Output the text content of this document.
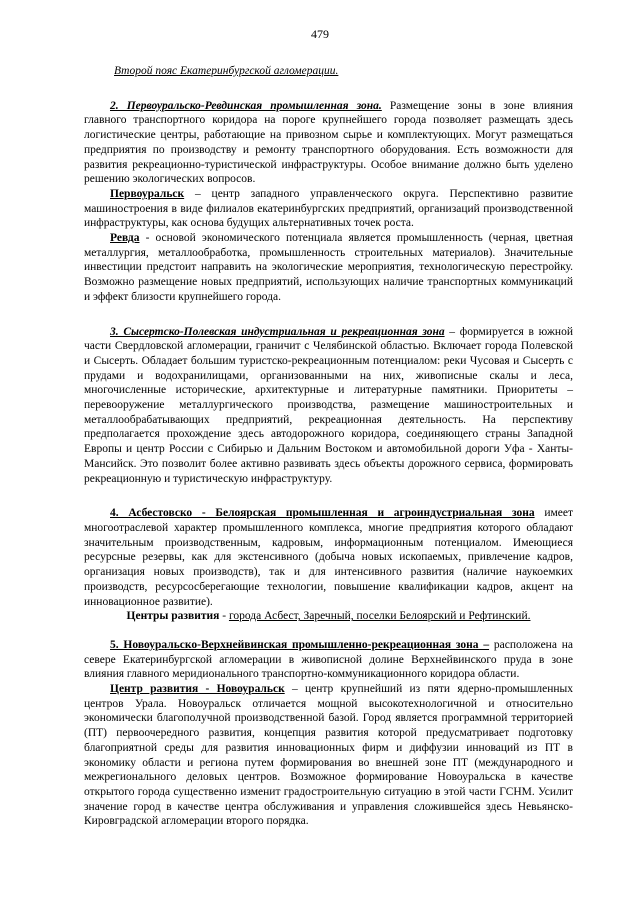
479

Второй пояс Екатеринбургской агломерации.

2. Первоуральско-Ревдинская промышленная зона. Размещение зоны в зоне влияния главного транспортного коридора на пороге крупнейшего города позволяет размещать здесь логистические центры, работающие на привозном сырье и комплектующих. Могут размещаться предприятия по производству и ремонту транспортного оборудования. Есть возможности для развития рекреационно-туристической инфраструктуры. Особое внимание должно быть уделено решению экологических вопросов.

Первоуральск – центр западного управленческого округа. Перспективно развитие машиностроения в виде филиалов екатеринбургских предприятий, организаций производственной инфраструктуры, как основа будущих альтернативных точек роста.

Ревда - основой экономического потенциала является промышленность (черная, цветная металлургия, металлообработка, промышленность строительных материалов). Значительные инвестиции предстоит направить на экологические мероприятия, технологическую перестройку. Возможно размещение новых предприятий, использующих наличие транспортных коммуникаций и эффект близости крупнейшего города.

3. Сысертско-Полевская индустриальная и рекреационная зона – формируется в южной части Свердловской агломерации, граничит с Челябинской областью. Включает города Полевской и Сысерть. Обладает большим туристско-рекреационным потенциалом: реки Чусовая и Сысерть с прудами и водохранилищами, организованными на них, живописные скалы и леса, многочисленные исторические, архитектурные и литературные памятники. Приоритеты – перевооружение металлургического производства, размещение машиностроительных и металлообрабатывающих предприятий, рекреационная деятельность. На перспективу предполагается прохождение здесь автодорожного коридора, соединяющего страны Западной Европы и центр России с Сибирью и Дальним Востоком и автомобильной дороги Уфа - Ханты-Мансийск. Это позволит более активно развивать здесь объекты дорожного сервиса, формировать рекреационную и туристическую инфраструктуру.

4. Асбестовско - Белоярская промышленная и агроиндустриальная зона имеет многоотраслевой характер промышленного комплекса, многие предприятия которого обладают значительным производственным, кадровым, информационным потенциалом. Имеющиеся ресурсные резервы, как для экстенсивного (добыча новых ископаемых, привлечение кадров, организация новых производств), так и для интенсивного развития (наличие наукоемких производств, ресурсосберегающие технологии, повышение квалификации кадров, акцент на инновационное развитие).

Центры развития - города Асбест, Заречный, поселки Белоярский и Рефтинский.

5. Новоуральско-Верхнейвинская промышленно-рекреационная зона – расположена на севере Екатеринбургской агломерации в живописной долине Верхнейвинского пруда в зоне влияния главного меридионального транспортно-коммуникационного коридора области.

Центр развития - Новоуральск – центр крупнейший из пяти ядерно-промышленных центров Урала. Новоуральск отличается мощной высокотехнологичной и относительно экономически благополучной производственной базой. Город является программной территорией (ПТ) первоочередного развития, концепция развития которой предусматривает подготовку благоприятной среды для развития инновационных фирм и диффузии инноваций из ПТ в экономику области и региона путем формирования во внешней зоне ПТ (международного и межрегионального деловых центров. Возможное формирование Новоуральска в качестве открытого города существенно изменит градостроительную ситуацию в этой части ГСНМ. Усилит значение город в качестве центра обслуживания и управления сложившейся здесь Невьянско-Кировградской агломерации второго порядка.
